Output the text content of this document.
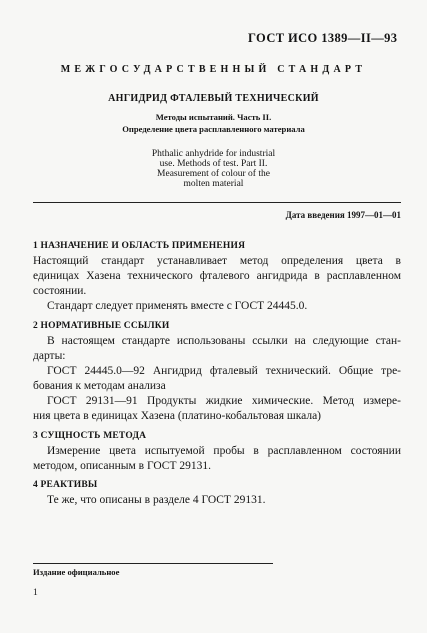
ГОСТ ИСО 1389—II—93
МЕЖГОСУДАРСТВЕННЫЙ СТАНДАРТ
АНГИДРИД ФТАЛЕВЫЙ ТЕХНИЧЕСКИЙ
Методы испытаний. Часть II.
Определение цвета расплавленного материала
Phthalic anhydride for industrial
use. Methods of test. Part II.
Measurement of colour of the
molten material
Дата введения 1997—01—01
1 НАЗНАЧЕНИЕ И ОБЛАСТЬ ПРИМЕНЕНИЯ
Настоящий стандарт устанавливает метод определения цвета в
единицах Хазена технического фталевого ангидрида в расплавленном
состоянии.
Стандарт следует применять вместе с ГОСТ 24445.0.
2 НОРМАТИВНЫЕ ССЫЛКИ
В настоящем стандарте использованы ссылки на следующие стан-
дарты:
ГОСТ 24445.0—92 Ангидрид фталевый технический. Общие тре-
бования к методам анализа
ГОСТ 29131—91 Продукты жидкие химические. Метод измере-
ния цвета в единицах Хазена (платино-кобальтовая шкала)
3 СУЩНОСТЬ МЕТОДА
Измерение цвета испытуемой пробы в расплавленном состоянии
методом, описанным в ГОСТ 29131.
4 РЕАКТИВЫ
Те же, что описаны в разделе 4 ГОСТ 29131.
Издание официальное
1
